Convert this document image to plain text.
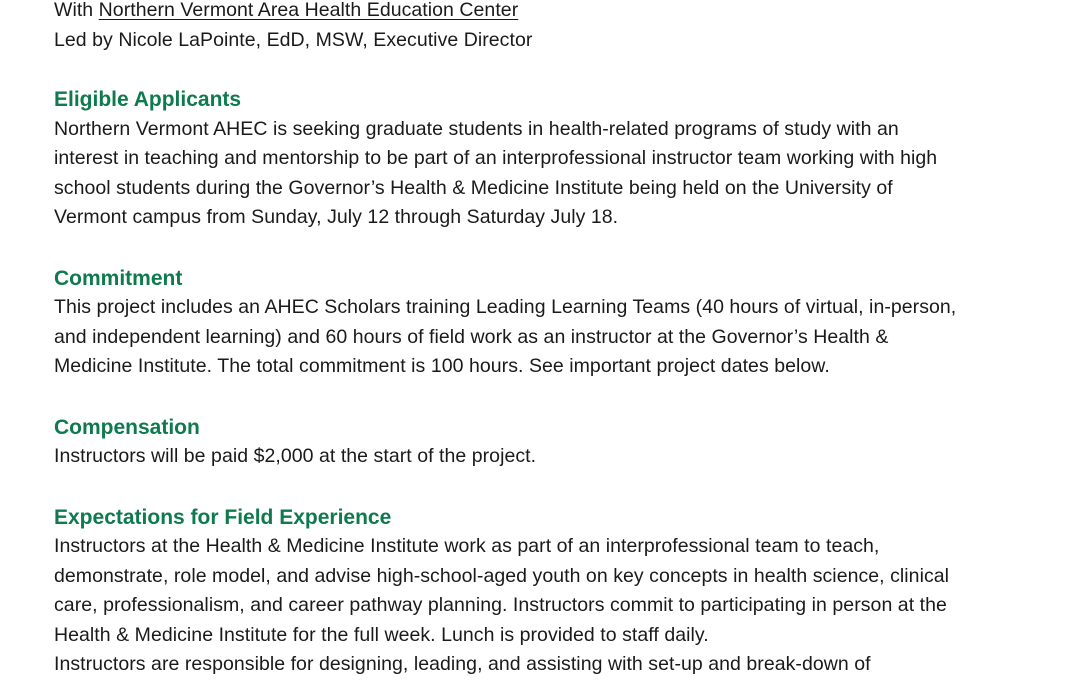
With Northern Vermont Area Health Education Center
Led by Nicole LaPointe, EdD, MSW, Executive Director
Eligible Applicants
Northern Vermont AHEC is seeking graduate students in health-related programs of study with an
interest in teaching and mentorship to be part of an interprofessional instructor team working with high
school students during the Governor’s Health & Medicine Institute being held on the University of
Vermont campus from Sunday, July 12 through Saturday July 18.
Commitment
This project includes an AHEC Scholars training Leading Learning Teams (40 hours of virtual, in-person,
and independent learning) and 60 hours of field work as an instructor at the Governor’s Health &
Medicine Institute. The total commitment is 100 hours. See important project dates below.
Compensation
Instructors will be paid $2,000 at the start of the project.
Expectations for Field Experience
Instructors at the Health & Medicine Institute work as part of an interprofessional team to teach,
demonstrate, role model, and advise high-school-aged youth on key concepts in health science, clinical
care, professionalism, and career pathway planning. Instructors commit to participating in person at the
Health & Medicine Institute for the full week. Lunch is provided to staff daily.
Instructors are responsible for designing, leading, and assisting with set-up and break-down of
